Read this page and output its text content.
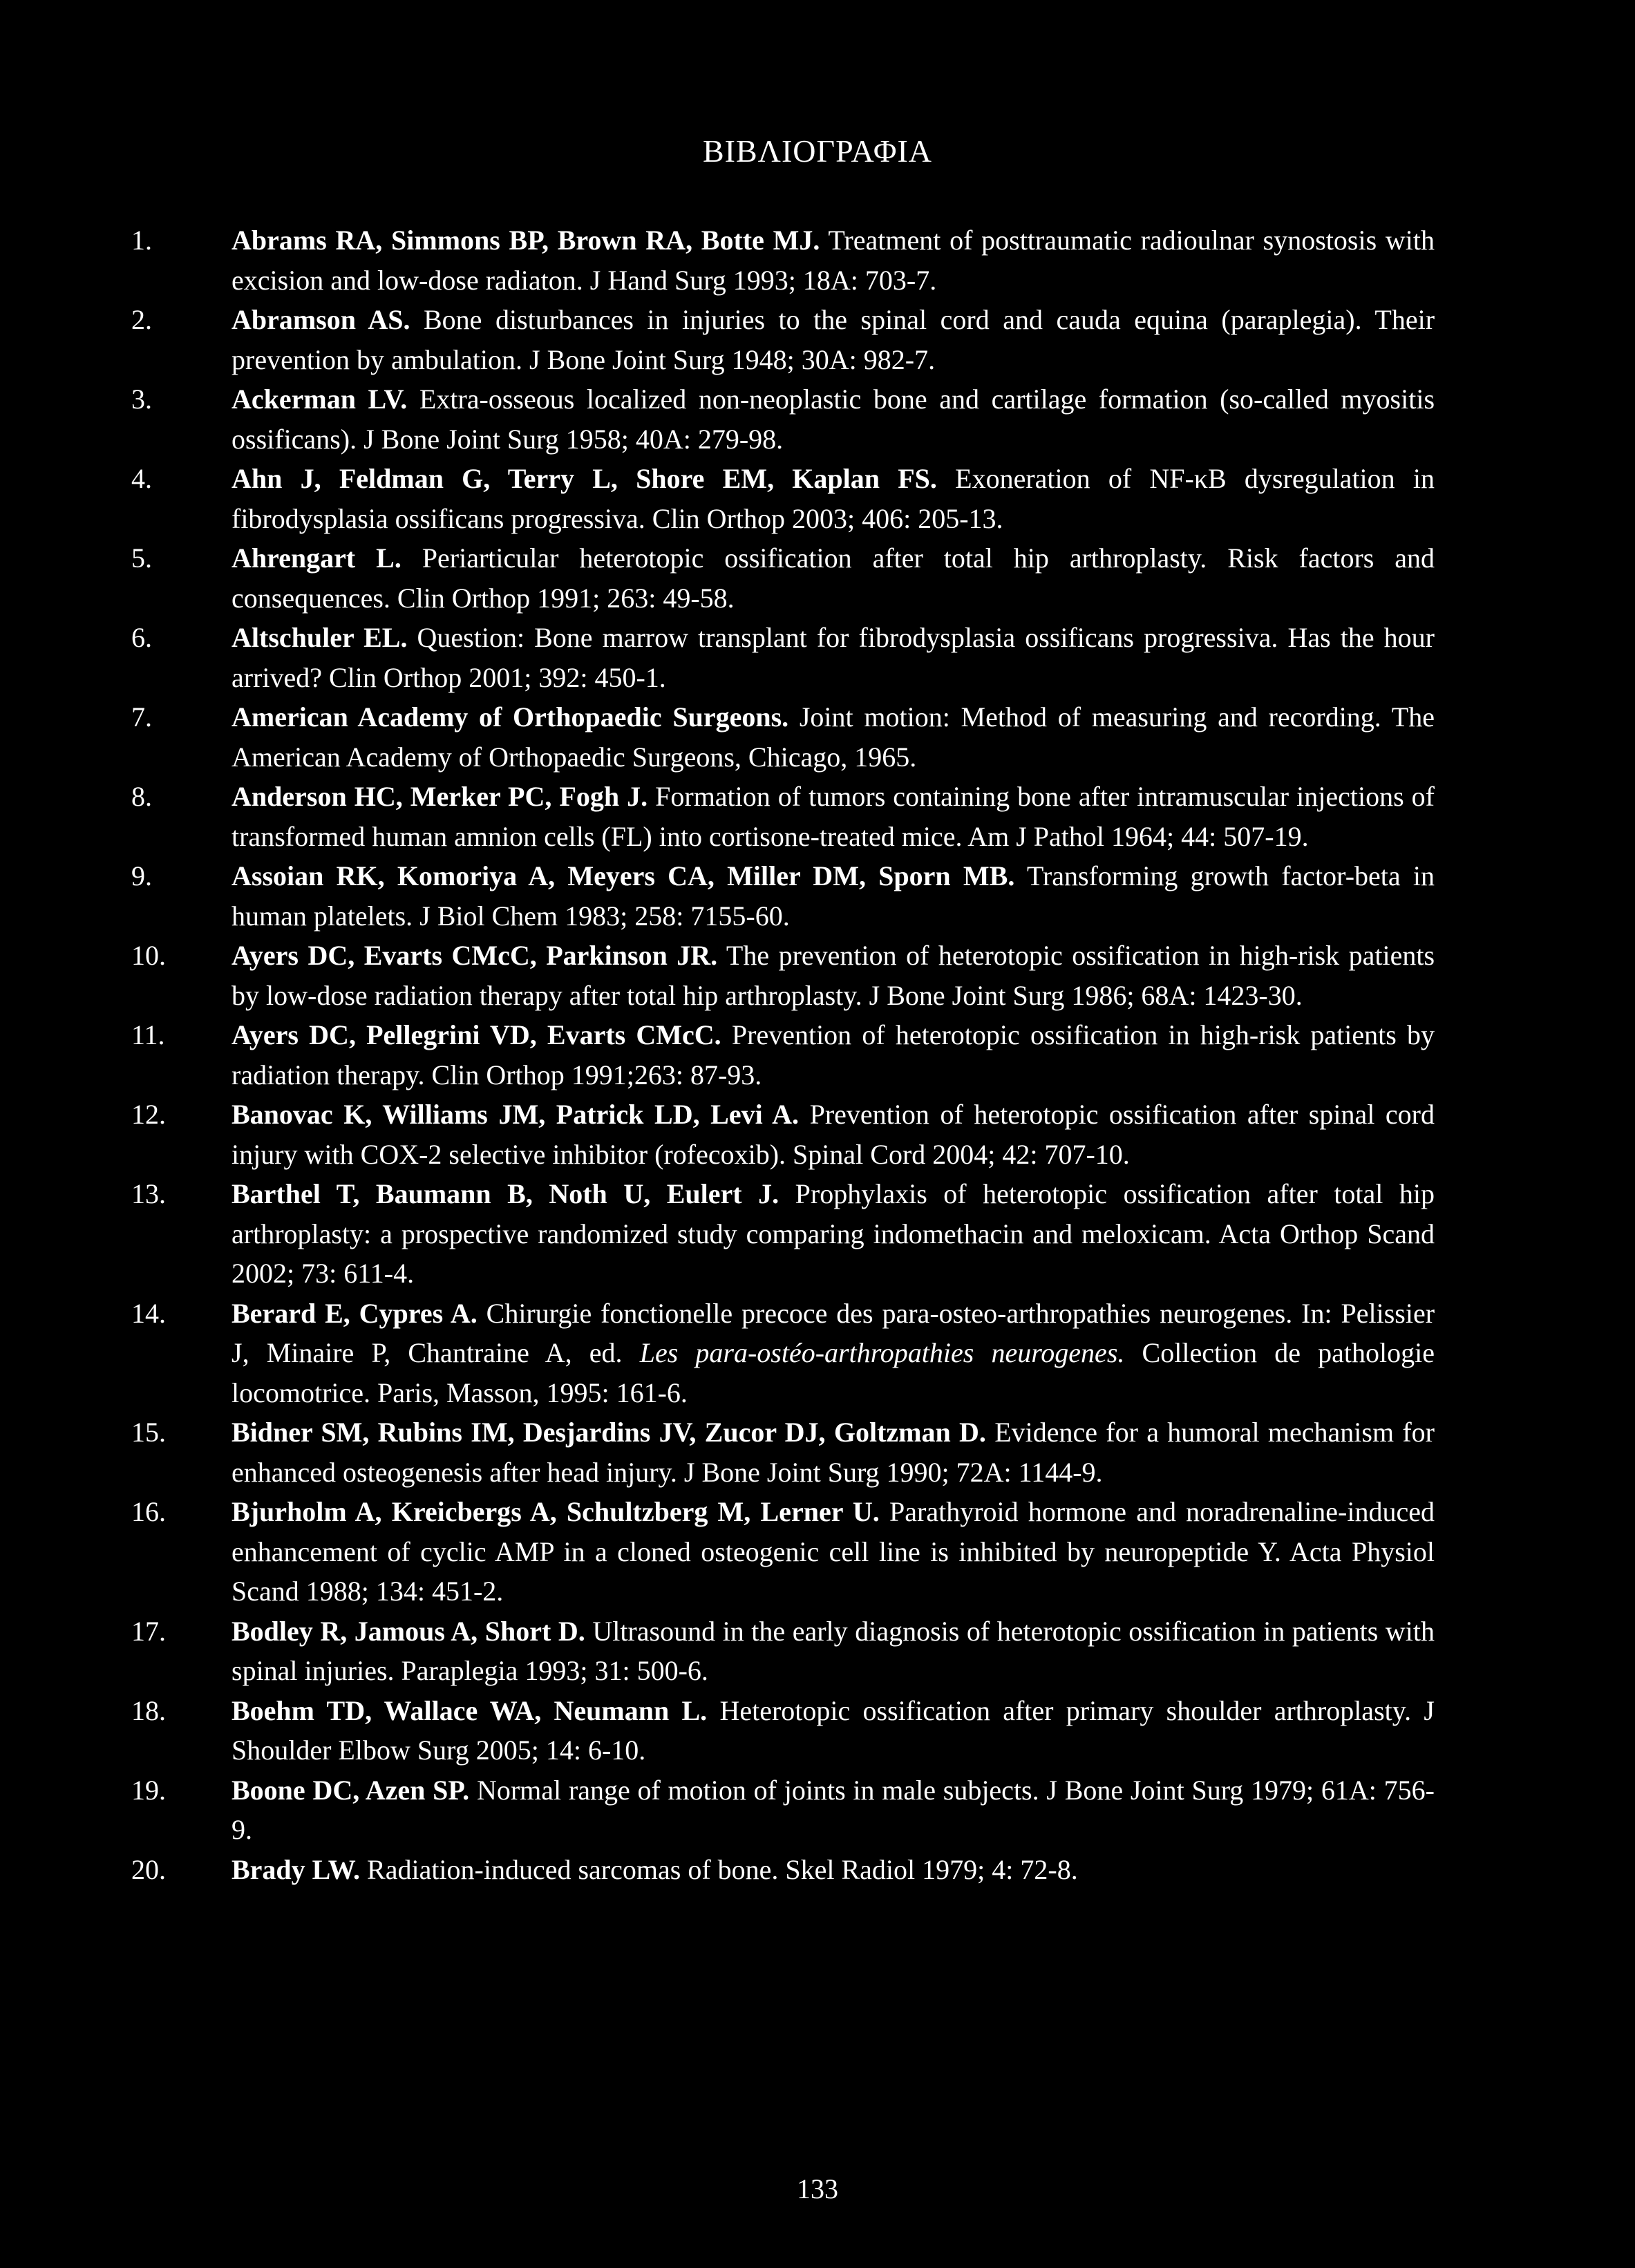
ΒΙΒΛΙΟΓΡΑΦΙΑ
1.	Abrams RA, Simmons BP, Brown RA, Botte MJ. Treatment of posttraumatic radioulnar synostosis with excision and low-dose radiaton. J Hand Surg 1993; 18A: 703-7.
2.	Abramson AS. Bone disturbances in injuries to the spinal cord and cauda equina (paraplegia). Their prevention by ambulation. J Bone Joint Surg 1948; 30A: 982-7.
3.	Ackerman LV. Extra-osseous localized non-neoplastic bone and cartilage formation (so-called myositis ossificans). J Bone Joint Surg 1958; 40A: 279-98.
4.	Ahn J, Feldman G, Terry L, Shore EM, Kaplan FS. Exoneration of NF-κB dysregulation in fibrodysplasia ossificans progressiva. Clin Orthop 2003; 406: 205-13.
5.	Ahrengart L. Periarticular heterotopic ossification after total hip arthroplasty. Risk factors and consequences. Clin Orthop 1991; 263: 49-58.
6.	Altschuler EL. Question: Bone marrow transplant for fibrodysplasia ossificans progressiva. Has the hour arrived? Clin Orthop 2001; 392: 450-1.
7.	American Academy of Orthopaedic Surgeons. Joint motion: Method of measuring and recording. The American Academy of Orthopaedic Surgeons, Chicago, 1965.
8.	Anderson HC, Merker PC, Fogh J. Formation of tumors containing bone after intramuscular injections of transformed human amnion cells (FL) into cortisone-treated mice. Am J Pathol 1964; 44: 507-19.
9.	Assoian RK, Komoriya A, Meyers CA, Miller DM, Sporn MB. Transforming growth factor-beta in human platelets. J Biol Chem 1983; 258: 7155-60.
10.	Ayers DC, Evarts CMcC, Parkinson JR. The prevention of heterotopic ossification in high-risk patients by low-dose radiation therapy after total hip arthroplasty. J Bone Joint Surg 1986; 68A: 1423-30.
11.	Ayers DC, Pellegrini VD, Evarts CMcC. Prevention of heterotopic ossification in high-risk patients by radiation therapy. Clin Orthop 1991;263: 87-93.
12.	Banovac K, Williams JM, Patrick LD, Levi A. Prevention of heterotopic ossification after spinal cord injury with COX-2 selective inhibitor (rofecoxib). Spinal Cord 2004; 42: 707-10.
13.	Barthel T, Baumann B, Noth U, Eulert J. Prophylaxis of heterotopic ossification after total hip arthroplasty: a prospective randomized study comparing indomethacin and meloxicam. Acta Orthop Scand 2002; 73: 611-4.
14.	Berard E, Cypres A. Chirurgie fonctionelle precoce des para-osteo-arthropathies neurogenes. In: Pelissier J, Minaire P, Chantraine A, ed. Les para-ostéo-arthropathies neurogenes. Collection de pathologie locomotrice. Paris, Masson, 1995: 161-6.
15.	Bidner SM, Rubins IM, Desjardins JV, Zucor DJ, Goltzman D. Evidence for a humoral mechanism for enhanced osteogenesis after head injury. J Bone Joint Surg 1990; 72A: 1144-9.
16.	Bjurholm A, Kreicbergs A, Schultzberg M, Lerner U. Parathyroid hormone and noradrenaline-induced enhancement of cyclic AMP in a cloned osteogenic cell line is inhibited by neuropeptide Y. Acta Physiol Scand 1988; 134: 451-2.
17.	Bodley R, Jamous A, Short D. Ultrasound in the early diagnosis of heterotopic ossification in patients with spinal injuries. Paraplegia 1993; 31: 500-6.
18.	Boehm TD, Wallace WA, Neumann L. Heterotopic ossification after primary shoulder arthroplasty. J Shoulder Elbow Surg 2005; 14: 6-10.
19.	Boone DC, Azen SP. Normal range of motion of joints in male subjects. J Bone Joint Surg 1979; 61A: 756-9.
20.	Brady LW. Radiation-induced sarcomas of bone. Skel Radiol 1979; 4: 72-8.
133
